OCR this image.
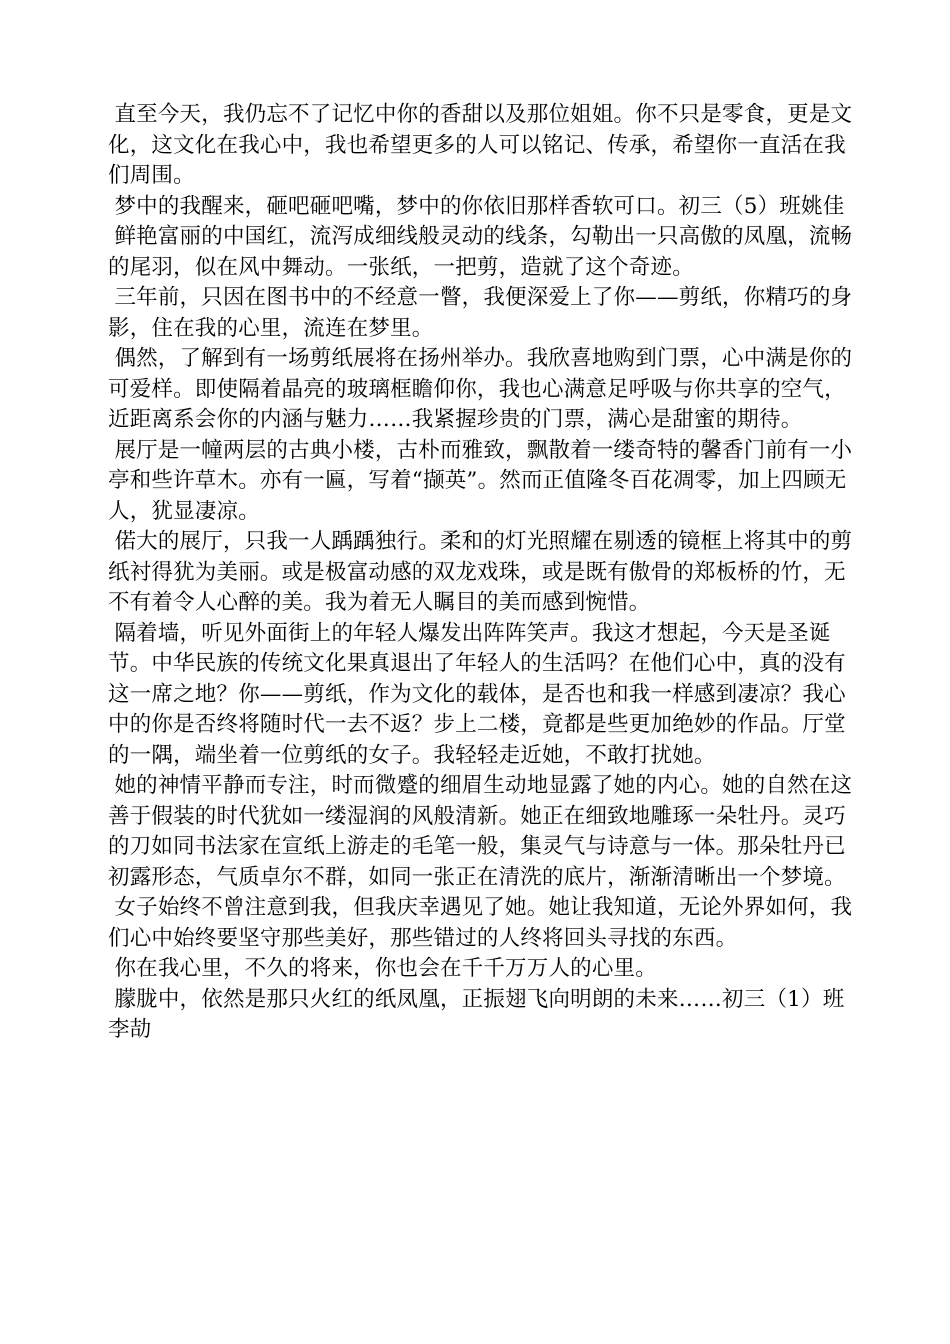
直至今天，我仍忘不了记忆中你的香甜以及那位姐姐。你不只是零食，更是文化，这文化在我心中，我也希望更多的人可以铭记、传承，希望你一直活在我们周围。

梦中的我醒来，砸吧砸吧嘴，梦中的你依旧那样香软可口。初三（5）班姚佳

鲜艳富丽的中国红，流泻成细线般灵动的线条，勾勒出一只高傲的凤凰，流畅的尾羽，似在风中舞动。一张纸，一把剪，造就了这个奇迹。

三年前，只因在图书中的不经意一瞥，我便深爱上了你——剪纸，你精巧的身影，住在我的心里，流连在梦里。

偶然，了解到有一场剪纸展将在扬州举办。我欣喜地购到门票，心中满是你的可爱样。即使隔着晶亮的玻璃框瞻仰你，我也心满意足呼吸与你共享的空气，近距离系会你的内涵与魅力……我紧握珍贵的门票，满心是甜蜜的期待。

展厅是一幢两层的古典小楼，古朴而雅致，飘散着一缕奇特的馨香门前有一小亭和些许草木。亦有一匾，写着“撷英”。然而正值隆冬百花凋零，加上四顾无人，犹显凄凉。

偌大的展厅，只我一人踽踽独行。柔和的灯光照耀在剔透的镜框上将其中的剪纸衬得犹为美丽。或是极富动感的双龙戏珠，或是既有傲骨的郑板桥的竹，无不有着令人心醉的美。我为着无人瞩目的美而感到惋惜。

隔着墙，听见外面街上的年轻人爆发出阵阵笑声。我这才想起，今天是圣诞节。中华民族的传统文化果真退出了年轻人的生活吗？在他们心中，真的没有这一席之地？你——剪纸，作为文化的载体，是否也和我一样感到凄凉？我心中的你是否终将随时代一去不返？步上二楼，竟都是些更加绝妙的作品。厅堂的一隅，端坐着一位剪纸的女子。我轻轻走近她，不敢打扰她。

她的神情平静而专注，时而微蹙的细眉生动地显露了她的内心。她的自然在这善于假装的时代犹如一缕湿润的风般清新。她正在细致地雕琢一朵牡丹。灵巧的刀如同书法家在宣纸上游走的毛笔一般，集灵气与诗意与一体。那朵牡丹已初露形态，气质卓尔不群，如同一张正在清洗的底片，渐渐清晰出一个梦境。

女子始终不曾注意到我，但我庆幸遇见了她。她让我知道，无论外界如何，我们心中始终要坚守那些美好，那些错过的人终将回头寻找的东西。

你在我心里，不久的将来，你也会在千千万万人的心里。

朦胧中，依然是那只火红的纸凤凰，正振翅飞向明朗的未来……初三（1）班李劼
